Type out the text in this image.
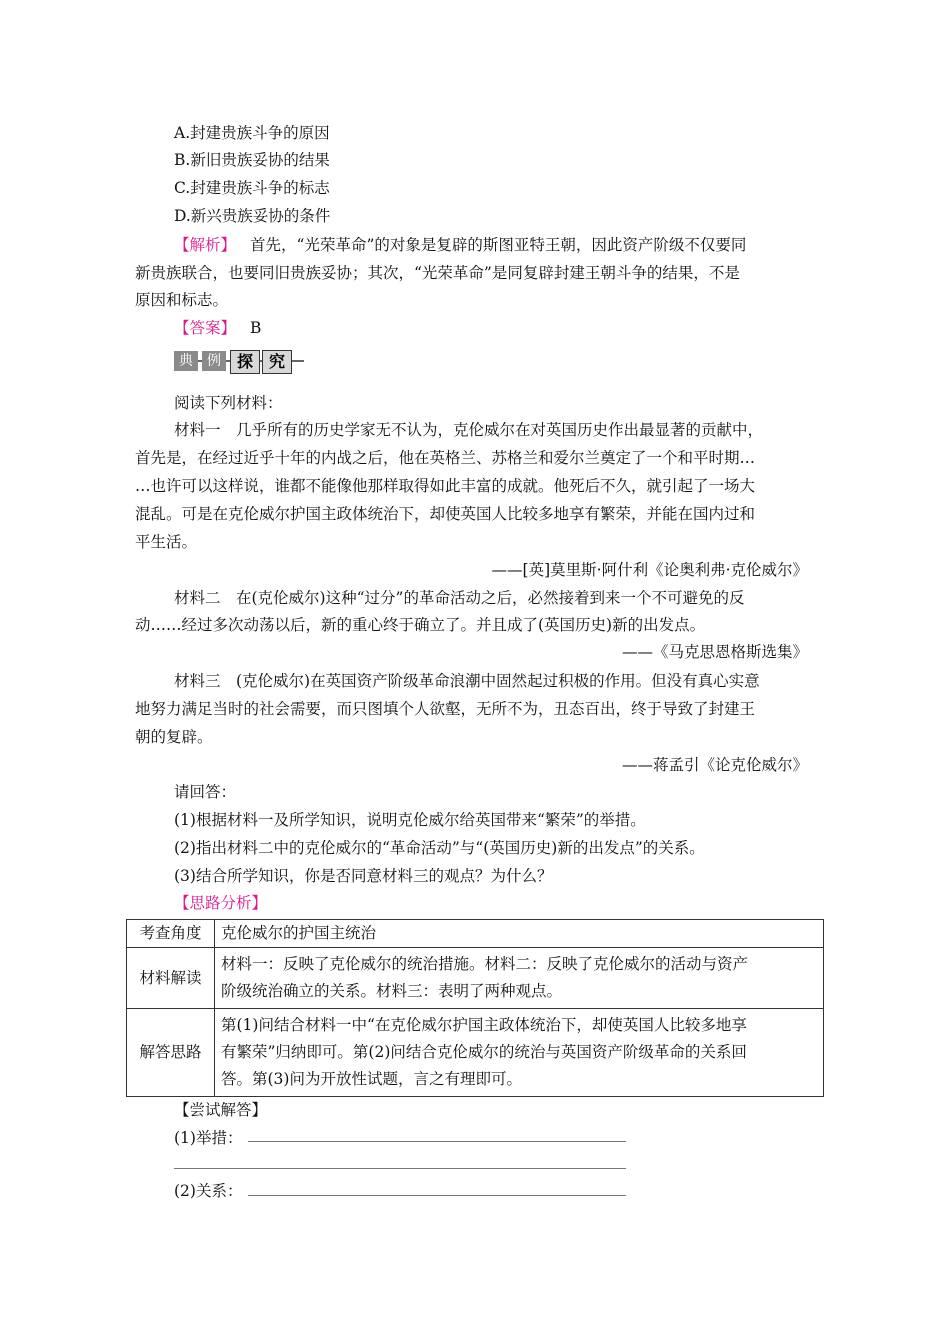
A.封建贵族斗争的原因
B.新旧贵族妥协的结果
C.封建贵族斗争的标志
D.新兴贵族妥协的条件
【解析】 首先，“光荣革命”的对象是复辟的斯图亚特王朝，因此资产阶级不仅要同
新贵族联合，也要同旧贵族妥协；其次，“光荣革命”是同复辟封建王朝斗争的结果，不是
原因和标志。
【答案】 B
典	例 探 究
阅读下列材料：
材料一　几乎所有的历史学家无不认为，克伦威尔在对英国历史作出最显著的贡献中，
首先是，在经过近乎十年的内战之后，他在英格兰、苏格兰和爱尔兰奠定了一个和平时期…
…也许可以这样说，谁都不能像他那样取得如此丰富的成就。他死后不久，就引起了一场大
混乱。可是在克伦威尔护国主政体统治下，却使英国人比较多地享有繁荣，并能在国内过和
平生活。
——[英]莫里斯·阿什利《论奥利弗·克伦威尔》
材料二　在(克伦威尔)这种“过分”的革命活动之后，必然接着到来一个不可避免的反
动……经过多次动荡以后，新的重心终于确立了。并且成了(英国历史)新的出发点。
——《马克思恩格斯选集》
材料三　(克伦威尔)在英国资产阶级革命浪潮中固然起过积极的作用。但没有真心实意
地努力满足当时的社会需要，而只图填个人欲壑，无所不为，丑态百出，终于导致了封建王
朝的复辟。
——蒋孟引《论克伦威尔》
请回答：
(1)根据材料一及所学知识，说明克伦威尔给英国带来“繁荣”的举措。
(2)指出材料二中的克伦威尔的“革命活动”与“(英国历史)新的出发点”的关系。
(3)结合所学知识，你是否同意材料三的观点？为什么？
【思路分析】
考查角度	克伦威尔的护国主统治

材料解读	材料一：反映了克伦威尔的统治措施。材料二：反映了克伦威尔的活动与资产
阶级统治确立的关系。材料三：表明了两种观点。

解答思路	第(1)问结合材料一中“在克伦威尔护国主政体统治下，却使英国人比较多地享
有繁荣”归纳即可。第(2)问结合克伦威尔的统治与英国资产阶级革命的关系回
答。第(3)问为开放性试题，言之有理即可。
【尝试解答】
(1)举措：
(2)关系：
